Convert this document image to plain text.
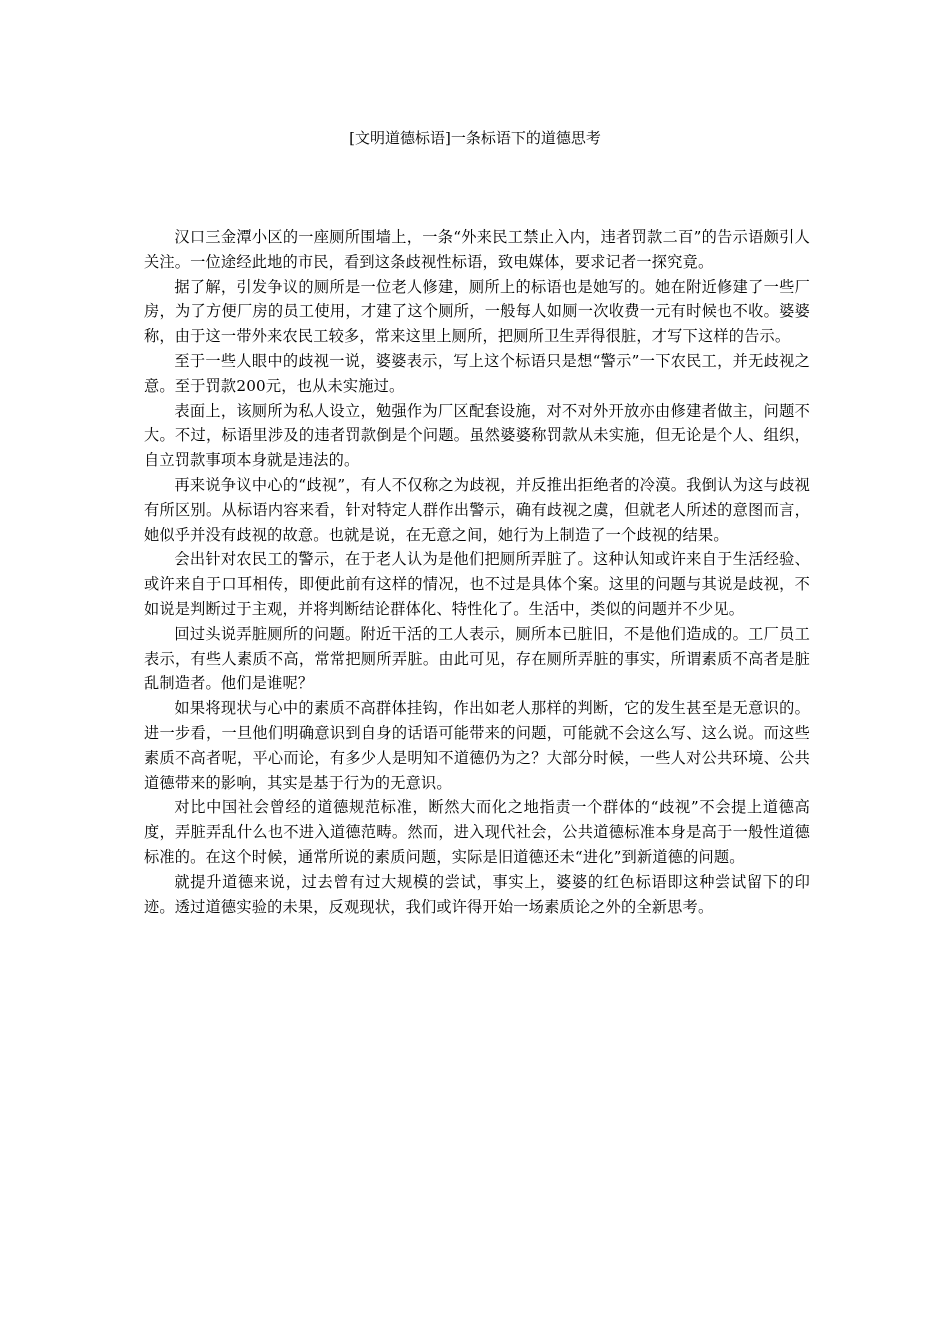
[文明道德标语]一条标语下的道德思考

汉口三金潭小区的一座厕所围墙上，一条“外来民工禁止入内，违者罚款二百”的告示语颇引人关注。一位途经此地的市民，看到这条歧视性标语，致电媒体，要求记者一探究竟。

据了解，引发争议的厕所是一位老人修建，厕所上的标语也是她写的。她在附近修建了一些厂房，为了方便厂房的员工使用，才建了这个厕所，一般每人如厕一次收费一元有时候也不收。婆婆称，由于这一带外来农民工较多，常来这里上厕所，把厕所卫生弄得很脏，才写下这样的告示。

至于一些人眼中的歧视一说，婆婆表示，写上这个标语只是想“警示”一下农民工，并无歧视之意。至于罚款200元，也从未实施过。

表面上，该厕所为私人设立，勉强作为厂区配套设施，对不对外开放亦由修建者做主，问题不大。不过，标语里涉及的违者罚款倒是个问题。虽然婆婆称罚款从未实施，但无论是个人、组织，自立罚款事项本身就是违法的。

再来说争议中心的“歧视”，有人不仅称之为歧视，并反推出拒绝者的冷漠。我倒认为这与歧视有所区别。从标语内容来看，针对特定人群作出警示，确有歧视之虞，但就老人所述的意图而言，她似乎并没有歧视的故意。也就是说，在无意之间，她行为上制造了一个歧视的结果。

会出针对农民工的警示，在于老人认为是他们把厕所弄脏了。这种认知或许来自于生活经验、或许来自于口耳相传，即便此前有这样的情况，也不过是具体个案。这里的问题与其说是歧视，不如说是判断过于主观，并将判断结论群体化、特性化了。生活中，类似的问题并不少见。

回过头说弄脏厕所的问题。附近干活的工人表示，厕所本已脏旧，不是他们造成的。工厂员工表示，有些人素质不高，常常把厕所弄脏。由此可见，存在厕所弄脏的事实，所谓素质不高者是脏乱制造者。他们是谁呢？

如果将现状与心中的素质不高群体挂钩，作出如老人那样的判断，它的发生甚至是无意识的。进一步看，一旦他们明确意识到自身的话语可能带来的问题，可能就不会这么写、这么说。而这些素质不高者呢，平心而论，有多少人是明知不道德仍为之？大部分时候，一些人对公共环境、公共道德带来的影响，其实是基于行为的无意识。

对比中国社会曾经的道德规范标准，断然大而化之地指责一个群体的“歧视”不会提上道德高度，弄脏弄乱什么也不进入道德范畴。然而，进入现代社会，公共道德标准本身是高于一般性道德标准的。在这个时候，通常所说的素质问题，实际是旧道德还未“进化”到新道德的问题。

就提升道德来说，过去曾有过大规模的尝试，事实上，婆婆的红色标语即这种尝试留下的印迹。透过道德实验的未果，反观现状，我们或许得开始一场素质论之外的全新思考。
